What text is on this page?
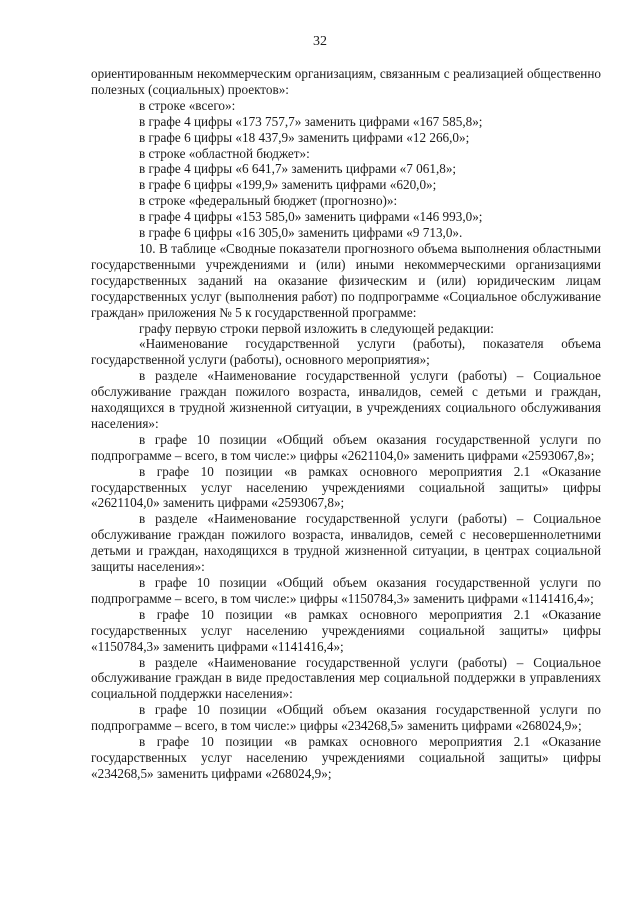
32

ориентированным некоммерческим организациям, связанным с реализацией общественно полезных (социальных) проектов»:

в строке «всего»:

в графе 4 цифры «173 757,7» заменить цифрами «167 585,8»;

в графе 6 цифры «18 437,9» заменить цифрами «12 266,0»;

в строке «областной бюджет»:

в графе 4 цифры «6 641,7» заменить цифрами «7 061,8»;

в графе 6 цифры «199,9» заменить цифрами «620,0»;

в строке «федеральный бюджет (прогнозно)»:

в графе 4 цифры «153 585,0» заменить цифрами «146 993,0»;

в графе 6 цифры «16 305,0» заменить цифрами «9 713,0».

10. В таблице «Сводные показатели прогнозного объема выполнения областными государственными учреждениями и (или) иными некоммерческими организациями государственных заданий на оказание физическим и (или) юридическим лицам государственных услуг (выполнения работ) по подпрограмме «Социальное обслуживание граждан» приложения № 5 к государственной программе:

графу первую строки первой изложить в следующей редакции:

«Наименование государственной услуги (работы), показателя объема государственной услуги (работы), основного мероприятия»;

в разделе «Наименование государственной услуги (работы) – Социальное обслуживание граждан пожилого возраста, инвалидов, семей с детьми и граждан, находящихся в трудной жизненной ситуации, в учреждениях социального обслуживания населения»:

в графе 10 позиции «Общий объем оказания государственной услуги по подпрограмме – всего, в том числе:» цифры «2621104,0» заменить цифрами «2593067,8»;

в графе 10 позиции «в рамках основного мероприятия 2.1 «Оказание государственных услуг населению учреждениями социальной защиты» цифры «2621104,0» заменить цифрами «2593067,8»;

в разделе «Наименование государственной услуги (работы) – Социальное обслуживание граждан пожилого возраста, инвалидов, семей с несовершеннолетними детьми и граждан, находящихся в трудной жизненной ситуации, в центрах социальной защиты населения»:

в графе 10 позиции «Общий объем оказания государственной услуги по подпрограмме – всего, в том числе:» цифры «1150784,3» заменить цифрами «1141416,4»;

в графе 10 позиции «в рамках основного мероприятия 2.1 «Оказание государственных услуг населению учреждениями социальной защиты» цифры «1150784,3» заменить цифрами «1141416,4»;

в разделе «Наименование государственной услуги (работы) – Социальное обслуживание граждан в виде предоставления мер социальной поддержки в управлениях социальной поддержки населения»:

в графе 10 позиции «Общий объем оказания государственной услуги по подпрограмме – всего, в том числе:» цифры «234268,5» заменить цифрами «268024,9»;

в графе 10 позиции «в рамках основного мероприятия 2.1 «Оказание государственных услуг населению учреждениями социальной защиты» цифры «234268,5» заменить цифрами «268024,9»;
